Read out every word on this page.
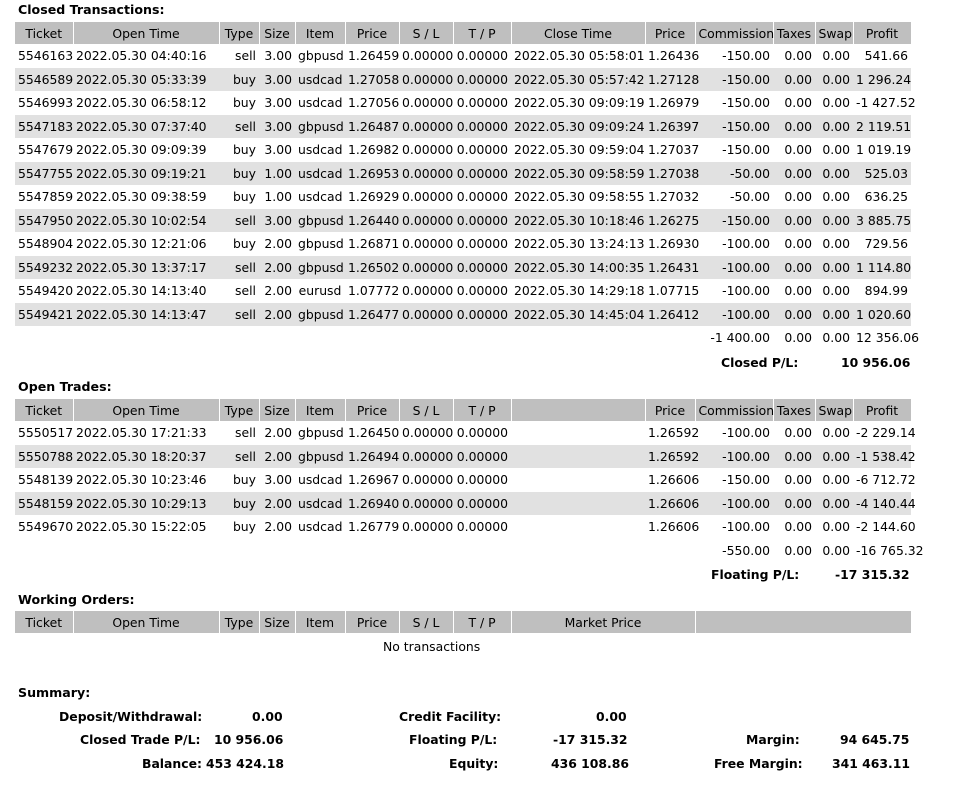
Closed Transactions:
Ticket	Open Time	Type	Size	Item	Price	S / L	T / P	Close Time	Price	Commission	Taxes	Swap	Profit
5546163	2022.05.30 04:40:16	sell	3.00	gbpusd	1.26459	0.00000	0.00000	2022.05.30 05:58:01	1.26436	-150.00	0.00	0.00	541.66
5546589	2022.05.30 05:33:39	buy	3.00	usdcad	1.27058	0.00000	0.00000	2022.05.30 05:57:42	1.27128	-150.00	0.00	0.00	1 296.24
5546993	2022.05.30 06:58:12	buy	3.00	usdcad	1.27056	0.00000	0.00000	2022.05.30 09:09:19	1.26979	-150.00	0.00	0.00	-1 427.52
5547183	2022.05.30 07:37:40	sell	3.00	gbpusd	1.26487	0.00000	0.00000	2022.05.30 09:09:24	1.26397	-150.00	0.00	0.00	2 119.51
5547679	2022.05.30 09:09:39	buy	3.00	usdcad	1.26982	0.00000	0.00000	2022.05.30 09:59:04	1.27037	-150.00	0.00	0.00	1 019.19
5547755	2022.05.30 09:19:21	buy	1.00	usdcad	1.26953	0.00000	0.00000	2022.05.30 09:58:59	1.27038	-50.00	0.00	0.00	525.03
5547859	2022.05.30 09:38:59	buy	1.00	usdcad	1.26929	0.00000	0.00000	2022.05.30 09:58:55	1.27032	-50.00	0.00	0.00	636.25
5547950	2022.05.30 10:02:54	sell	3.00	gbpusd	1.26440	0.00000	0.00000	2022.05.30 10:18:46	1.26275	-150.00	0.00	0.00	3 885.75
5548904	2022.05.30 12:21:06	buy	2.00	gbpusd	1.26871	0.00000	0.00000	2022.05.30 13:24:13	1.26930	-100.00	0.00	0.00	729.56
5549232	2022.05.30 13:37:17	sell	2.00	gbpusd	1.26502	0.00000	0.00000	2022.05.30 14:00:35	1.26431	-100.00	0.00	0.00	1 114.80
5549420	2022.05.30 14:13:40	sell	2.00	eurusd	1.07772	0.00000	0.00000	2022.05.30 14:29:18	1.07715	-100.00	0.00	0.00	894.99
5549421	2022.05.30 14:13:47	sell	2.00	gbpusd	1.26477	0.00000	0.00000	2022.05.30 14:45:04	1.26412	-100.00	0.00	0.00	1 020.60
										-1 400.00	0.00	0.00	12 356.06
Closed P/L:	10 956.06
Open Trades:
Ticket	Open Time	Type	Size	Item	Price	S / L	T / P		Price	Commission	Taxes	Swap	Profit
5550517	2022.05.30 17:21:33	sell	2.00	gbpusd	1.26450	0.00000	0.00000		1.26592	-100.00	0.00	0.00	-2 229.14
5550788	2022.05.30 18:20:37	sell	2.00	gbpusd	1.26494	0.00000	0.00000		1.26592	-100.00	0.00	0.00	-1 538.42
5548139	2022.05.30 10:23:46	buy	3.00	usdcad	1.26967	0.00000	0.00000		1.26606	-150.00	0.00	0.00	-6 712.72
5548159	2022.05.30 10:29:13	buy	2.00	usdcad	1.26940	0.00000	0.00000		1.26606	-100.00	0.00	0.00	-4 140.44
5549670	2022.05.30 15:22:05	buy	2.00	usdcad	1.26779	0.00000	0.00000		1.26606	-100.00	0.00	0.00	-2 144.60
										-550.00	0.00	0.00	-16 765.32
Floating P/L:	-17 315.32
Working Orders:
Ticket	Open Time	Type	Size	Item	Price	S / L	T / P	Market Price	
No transactions
Summary:
Deposit/Withdrawal:	0.00	Credit Facility:	0.00
Closed Trade P/L: 10 956.06	Floating P/L:	-17 315.32	Margin:	94 645.75
Balance: 453 424.18	Equity:	436 108.86	Free Margin: 341 463.11
